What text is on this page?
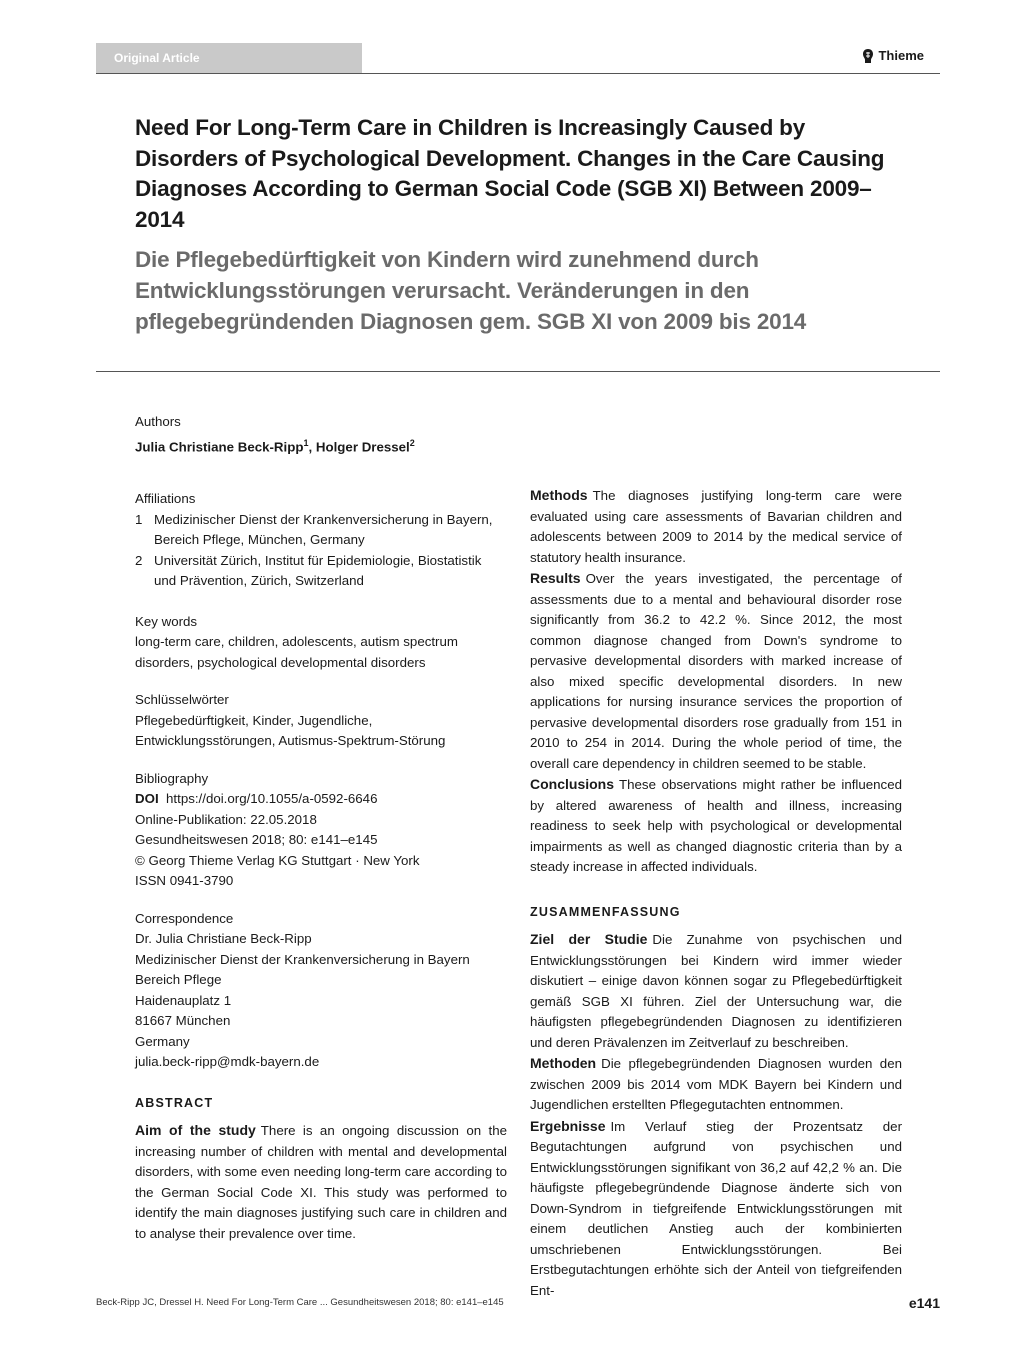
Original Article	Thieme
Need For Long-Term Care in Children is Increasingly Caused by Disorders of Psychological Development. Changes in the Care Causing Diagnoses According to German Social Code (SGB XI) Between 2009–2014
Die Pflegebedürftigkeit von Kindern wird zunehmend durch Entwicklungsstörungen verursacht. Veränderungen in den pflegebegründenden Diagnosen gem. SGB XI von 2009 bis 2014

Authors

Julia Christiane Beck-Ripp$^1$, Holger Dressel$^2$

Affiliations

1 Medizinischer Dienst der Krankenversicherung in Bayern, Bereich Pflege, München, Germany
2 Universität Zürich, Institut für Epidemiologie, Biostatistik und Prävention, Zürich, Switzerland

Key words

long-term care, children, adolescents, autism spectrum disorders, psychological developmental disorders

Schlüsselwörter

Pflegebedürftigkeit, Kinder, Jugendliche, Entwicklungsstörungen, Autismus-Spektrum-Störung

Bibliography

DOI https://doi.org/10.1055/a-0592-6646

Online-Publikation: 22.05.2018

Gesundheitswesen 2018; 80: e141–e145

© Georg Thieme Verlag KG Stuttgart · New York

ISSN 0941-3790

Correspondence

Dr. Julia Christiane Beck-Ripp

Medizinischer Dienst der Krankenversicherung in Bayern

Bereich Pflege

Haidenauplatz 1

81667 München

Germany

julia.beck-ripp@mdk-bayern.de

ABSTRACT

Aim of the study There is an ongoing discussion on the increasing number of children with mental and developmental disorders, with some even needing long-term care according to the German Social Code XI. This study was performed to identify the main diagnoses justifying such care in children and to analyse their prevalence over time.

Methods The diagnoses justifying long-term care were evaluated using care assessments of Bavarian children and adolescents between 2009 to 2014 by the medical service of statutory health insurance.

Results Over the years investigated, the percentage of assessments due to a mental and behavioural disorder rose significantly from 36.2 to 42.2 %. Since 2012, the most common diagnose changed from Down's syndrome to pervasive developmental disorders with marked increase of also mixed specific developmental disorders. In new applications for nursing insurance services the proportion of pervasive developmental disorders rose gradually from 151 in 2010 to 254 in 2014. During the whole period of time, the overall care dependency in children seemed to be stable.

Conclusions These observations might rather be influenced by altered awareness of health and illness, increasing readiness to seek help with psychological or developmental impairments as well as changed diagnostic criteria than by a steady increase in affected individuals.

ZUSAMMENFASSUNG

Ziel der Studie Die Zunahme von psychischen und Entwicklungsstörungen bei Kindern wird immer wieder diskutiert – einige davon können sogar zu Pflegebedürftigkeit gemäß SGB XI führen. Ziel der Untersuchung war, die häufigsten pflegebegründenden Diagnosen zu identifizieren und deren Prävalenzen im Zeitverlauf zu beschreiben.

Methoden Die pflegebegründenden Diagnosen wurden den zwischen 2009 bis 2014 vom MDK Bayern bei Kindern und Jugendlichen erstellten Pflegegutachten entnommen.

Ergebnisse Im Verlauf stieg der Prozentsatz der Begutachtungen aufgrund von psychischen und Entwicklungsstörungen signifikant von 36,2 auf 42,2 % an. Die häufigste pflegebegründende Diagnose änderte sich von Down-Syndrom in tiefgreifende Entwicklungsstörungen mit einem deutlichen Anstieg auch der kombinierten umschriebenen Entwicklungsstörungen. Bei Erstbegutachtungen erhöhte sich der Anteil von tiefgreifenden Ent-

Beck-Ripp JC, Dressel H. Need For Long-Term Care ... Gesundheitswesen 2018; 80: e141–e145	e141
